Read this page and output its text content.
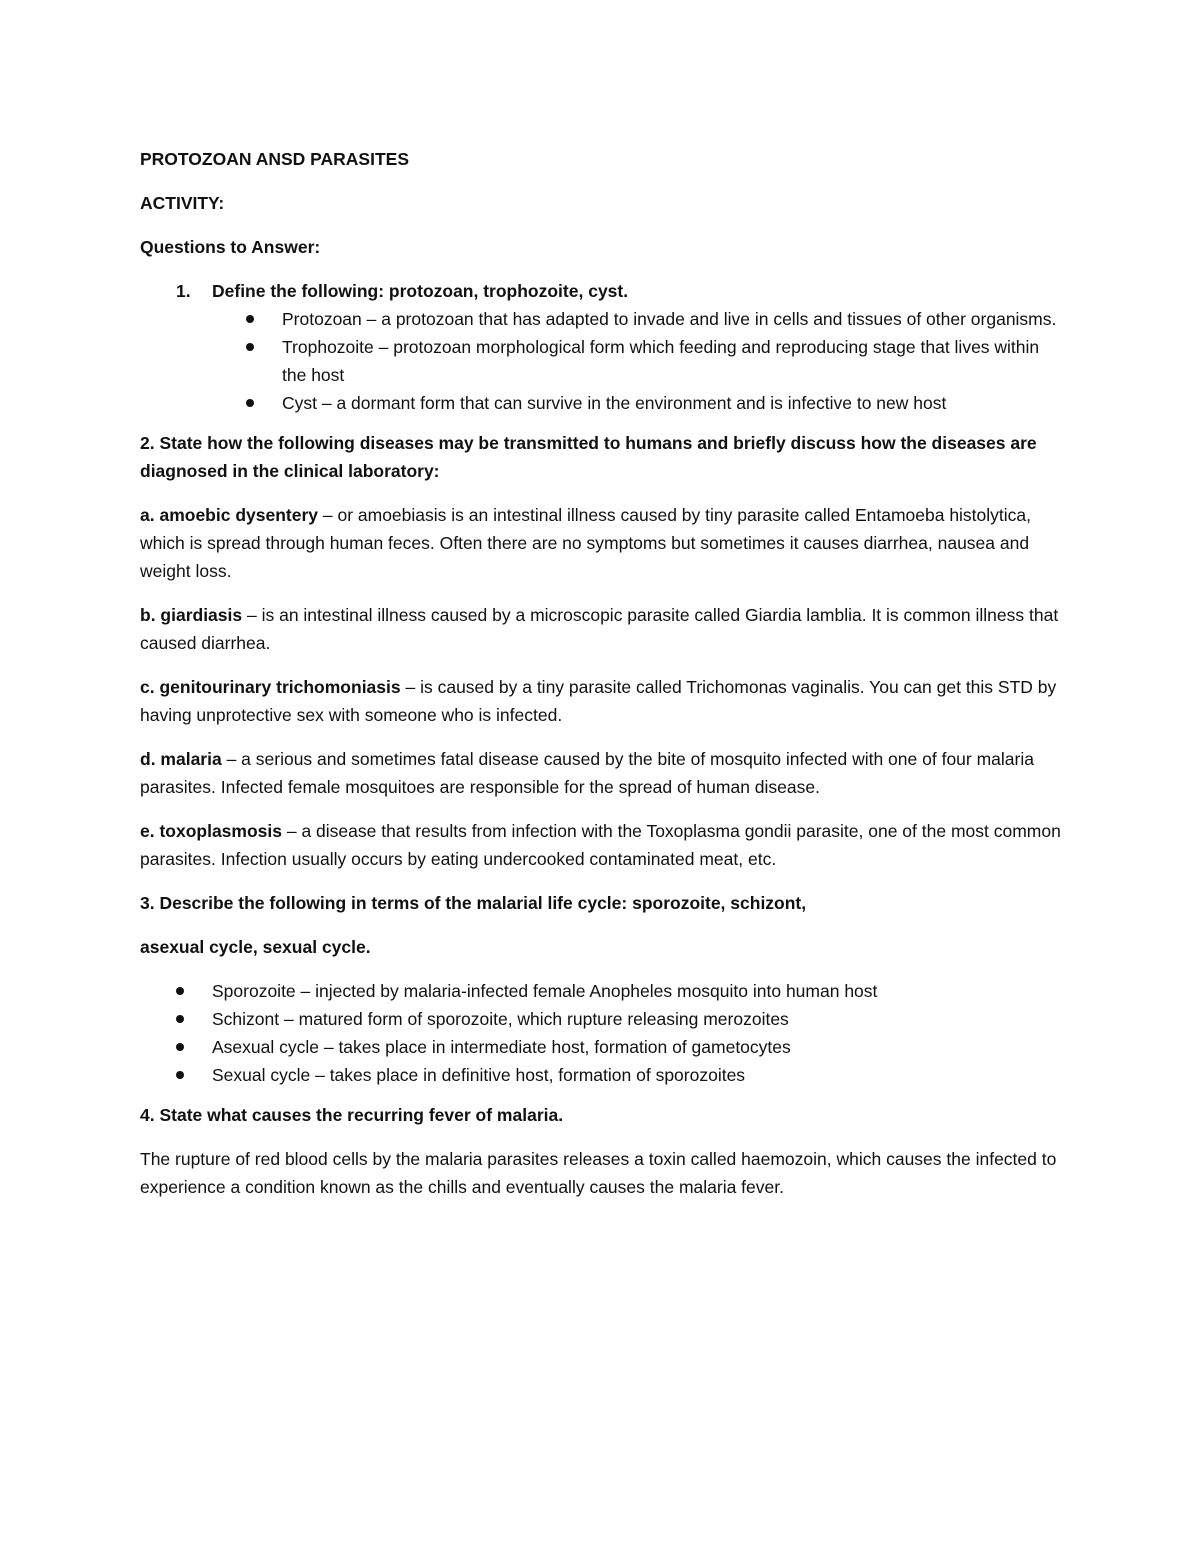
PROTOZOAN ANSD PARASITES

ACTIVITY:

Questions to Answer:

1. Define the following: protozoan, trophozoite, cyst.
Protozoan – a protozoan that has adapted to invade and live in cells and tissues of other organisms.
Trophozoite – protozoan morphological form which feeding and reproducing stage that lives within the host
Cyst – a dormant form that can survive in the environment and is infective to new host

2. State how the following diseases may be transmitted to humans and briefly discuss how the diseases are diagnosed in the clinical laboratory:

a. amoebic dysentery – or amoebiasis is an intestinal illness caused by tiny parasite called Entamoeba histolytica, which is spread through human feces. Often there are no symptoms but sometimes it causes diarrhea, nausea and weight loss.

b. giardiasis – is an intestinal illness caused by a microscopic parasite called Giardia lamblia. It is common illness that caused diarrhea.

c. genitourinary trichomoniasis – is caused by a tiny parasite called Trichomonas vaginalis. You can get this STD by having unprotective sex with someone who is infected.

d. malaria – a serious and sometimes fatal disease caused by the bite of mosquito infected with one of four malaria parasites. Infected female mosquitoes are responsible for the spread of human disease.

e. toxoplasmosis – a disease that results from infection with the Toxoplasma gondii parasite, one of the most common parasites. Infection usually occurs by eating undercooked contaminated meat, etc.

3. Describe the following in terms of the malarial life cycle: sporozoite, schizont,

asexual cycle, sexual cycle.

Sporozoite – injected by malaria-infected female Anopheles mosquito into human host
Schizont – matured form of sporozoite, which rupture releasing merozoites
Asexual cycle – takes place in intermediate host, formation of gametocytes
Sexual cycle – takes place in definitive host, formation of sporozoites

4. State what causes the recurring fever of malaria.

The rupture of red blood cells by the malaria parasites releases a toxin called haemozoin, which causes the infected to experience a condition known as the chills and eventually causes the malaria fever.
